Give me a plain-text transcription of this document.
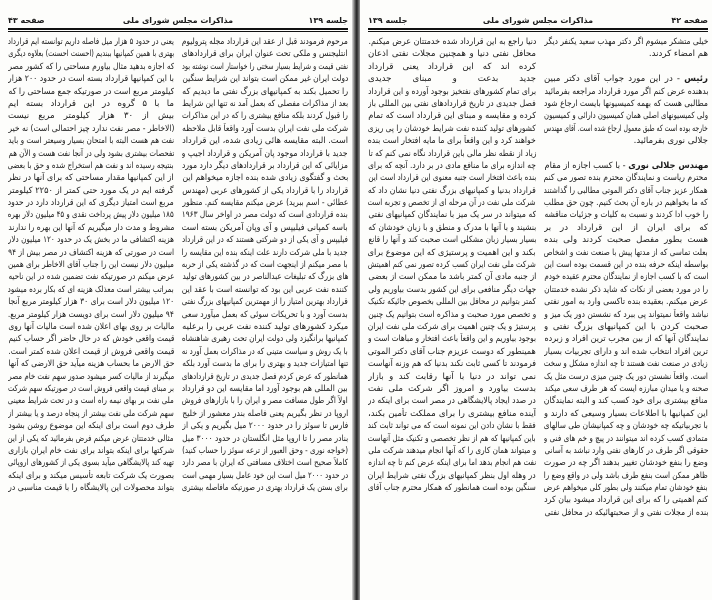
جلسه ۱۳۹
مذاکرات مجلس شورای ملی
صفحه ۴۳
مرحوم فرمودند قبل از عقد این قرارداد مجله پترولیوم
انتلیجنس و ملکی تحت عنوان ایران برای قراردادهای
نفتی قیمت و شرایط بسیار سختی را خواستار است نوشته بود
دولت ایران غیر ممکن است بتواند این شرایط سنگین
را تحمیل بکند به کمپانیهای بزرگ نفتی ما دیدیم که
بعد از مذاکرات مفصلی که بعمل آمد نه تنها این شرایط
را قبول کردند بلکه منافع بیشتری را که در این مذاکرات
شرکت ملی نفت ایران بدست آورد واقعاً قابل ملاحظه
است. البته مقایسه هائی زیادی شده، این قرارداد
جدید با قرارداد موجود پان آمریکن و قرارداد اجیپ و
مزایائی که این قرارداد بر قراردادهای دیگر دارد مورد
بحث و گفتگوی زیادی شده بنده اجازه میخواهم این
قرارداد را با قرارداد یکی از کشورهای عربی (مهندس
عطائی - اسم ببرید) عرض میکنم مقایسه کنم. منظور
بنده قراردادی است که دولت مصر در اواخر سال ۱۹۶۳
باسه کمپانی فیلیپس و آی وپان آمریکن بسته است
فیلیپس و آی یکی از دو شرکتی هستند که در این قرارداد
جدید با ملی شرکت دارند علت اینکه بنده این مقایسه را
با مصر میکنم از اینجهت است که در گذشته یکی از حربه
های بزرگ که تبلیغات عبدالناصر در بین کشورهای تولید
کننده نفت عربی این بود که توانسته است با عقد این
قرارداد بهترین امتیاز را از مهمترین کمپانیهای بزرگ نفتی
بدست آورد و با تحریکات سوئی که بعمل میآورد سعی
میکرد کشورهای تولید کننده نفت عربی را برعلیه
کمپانیها برانگیزد ولی دولت ایران تحت رهبری شاهنشاه
با یک روش و سیاست متینی که در مذاکرات بعمل آورد نه
تنها امتیازات جدید و بهتری را برای ما بدست آورد بلکه
همانطور که عرض کردم فصل جدیدی در تاریخ قراردادهای
بین المللی هم بوجود آورد اما مقایسه این دو قرارداد
اولاً اگر طول مسافت مصر و ایران را با بازارهای فروش
اروپا در نظر بگیریم یعنی فاصله بندر معشور از خلیج
فارس تا سوئز را در حدود ۲۰۰۰ میل بگیریم و یکی از
بنادر مصر را تا اروپا مثل انگلستان در حدود ۳۰۰۰ میل
(خواجه نوری - وحق العبور از ترعه سوئز را حساب کنید)
کاملاً صحیح است اختلاف مسافتی که ایران با مصر دارد
در حدود ۲۰۰۰ میل است این خود عامل بسیار مهمی است
برای بستن یک قرارداد بهتری در صورتیکه مافاصله بیشتری
یعنی در حدود ۵ هزار میل فاصله داریم توانسته ایم قرارداد
بهتری با همین کمپانیها ببندیم (احسنت احسنت) بعلاوه دیگری
که اجازه بدهید مثال بیاورم مساحتی را که کشور مصر
با این کمپانیها قرارداد بسته است در حدود ۲۰۰ هزار
کیلومتر مربع است در صورتیکه جمع مساحتی را که
ما با ۵ گروه در این قرارداد بسته ایم
بیش از ۳۰ هزار کیلومتر مربع نیست
(الاخاطر - مصر نفت ندارد چیز احتمالی است) نه خیر
نفت هم هست البته با امتحان بسیار وسیعتر است و باید
تفحصات بیشتری بشود ولی در آنجا نفت هست و الآن هم
بنتیجه رسیده اند و نفت هم استخراج شده و حق با بعضی
از این کمپانیها مقدار مساحتی که برای آنها در نظر
گرفته ایم در یک مورد حتی کمتر از ۲۲۵۰ کیلومتر
مربع است امتیاز دیگری که این قرارداد دارد در حدود
۱۸۵ میلیون دلار پیش پرداخت نقدی و ۴۵ میلیون دلار بهره
مشروط و مدت دار میگیریم که آنها این بهره را ندارند
هزینه اکتشافی ما در بخش یک در حدود ۱۲۰ میلیون دلار
است در صورتی که هزینه اکتشاف در مصر بیش از ۹۴
میلیون دلار نیست این را جناب آقای الاخاطر برای همین
عرض میکنم در صورتیکه نفت تضمین شده در این ناحیه
بمراتب بیشتر است معذلک هزینه ای که بکار برده میشود
۱۲۰ میلیون دلار است برای ۳۰ هزار کیلومتر مربع آنجا
۹۴ میلیون دلار است برای دویست هزار کیلومتر مربع.
مالیات بر روی بهای اعلان شده است مالیات آنها روی
قیمت واقعی خودش که در حال حاضر اگر حساب کنیم
قیمت واقعی فروش از قیمت اعلان شده کمتر است.
حق الارض ما بحساب هزینه میآید حق الارضی که آنها
میگیرند از مالیات کسر میشود صدور سهم نفت خام مصر
بر مبنای قیمت واقعی فروش است در صورتیکه سهم شرکت
ملی نفت بر بهای نیمه راه است و در تحت شرایط معینی
سهم شرکت ملی نفت بیشتر از پنجاه درصد و یا بیشتر از
طرف دوم است برای اینکه این موضوع روشن بشود
مثالی خدمتتان عرض میکنم فرض بفرمائید که یکی از این
شرکتها برای اینکه بتواند برای نفت خام ایران بازاری
تهیه کند پالایشگاهی میآید بسوی یکی از کشورهای اروپائی
بصورت یک شرکت تابعه تأسیس میکند و برای اینکه
بتواند محصولات این پالایشگاه را با قیمت مناسبی در
صفحه ۴۲
مذاکرات مجلس شورای ملی
جلسه ۱۳۹
خیلی متشکر میشوم اگر دکتر مهذب سعید یکنفر دیگر
هم امضاء کردند.
رئیس - در این مورد جواب آقای دکتر مبین
بدهنده عرض کنم اگر مورد قرارداد مراجعه بفرمائید
مطالبی هست که بهمه کمیسیونها بایست ارجاع شود
ولی کمیسیونهای اصلی همان کمیسیون دارائی و کمیسیون
خارجه بوده است که طبق معمول ارجاع شده است. آقای مهندس
جلالی نوری بفرمائید.
مهندس جلالی نوری - با کسب اجازه از مقام
محترم ریاست و نمایندگان محترم بنده تصور می کنم
همکار عزیز جناب آقای دکتر الموتی مطالبی را گذاشتند
که ما بخواهیم در باره آن بحث کنیم. چون حق مطلب
را خوب ادا کردند و نسبت به کلیات و جزئیات مناقشه
که برای ایران از این قرارداد در بر
هست بطور مفصل صحبت کردند ولی بنده
بعلت تماسی که از مدتها پیش با صنعت نفت و اشخاص
بواسطه اینکه حرفه بنده در این قسمت بوده است این
است که با کسب اجازه از نمایندگان محترم عقیده خودم
را در مورد بعضی از نکات که شاید ذکر نشده خدمتتان
عرض میکنم. بعقیده بنده تاکسی وارد به امور نفتی
نباشد واقعاً نمیتواند پی ببرد که نشستن دور یک میز و
صحبت کردن با این کمپانیهای بزرگ نفتی و
نمایندگان آنها که از بین مجرب ترین افراد و زبرده
ترین افراد انتخاب شده اند و دارای تجربیات بسیار
زیادی در صنعت نفت هستند تا چه اندازه مشکل و سخت
است. واقعاً نشستن دور یک چنین میزی درست مثل یک
صحنه و یا میدان مبارزه ایست که هر طرف سعی میکند
منافع بیشتری برای خود کسب کند و البته نمایندگان
این کمپانیها با اطلاعات بسیار وسیعی که دارند و
با تجربیاتیکه چه خودشان و چه کمپانیشان طی سالهای
متمادی کسب کرده اند میتوانند در پیچ و خم های فنی و
حقوقی اگر طرف در کارهای نفتی وارد نباشد به آسانی
وضع را بنفع خودشان تغییر بدهند اگر چه در صورت
ظاهر ممکن است بنفع طرف باشد ولی در واقع وضع را
بنفع خودشان تمام میکنند ولی بطور کلی میخواهم عرض
کنم اهمیتی را که برای این قرارداد میشود بیان کرد
بنده از مجلات نفتی و از صحبتهائیکه در محافل نفتی
دنیا راجع به این قرارداد شده خدمتتان عرض میکنم.
محافل نفتی دنیا و همچنین مجلات نفتی اذعان
کرده اند که این قرارداد یعنی قرارداد
جدید بدعت و مبنای جدیدی
برای تمام کشورهای نفتخیز بوجود آورده و این قرارداد
فصل جدیدی در تاریخ قراردادهای نفتی بین المللی باز
کرده و مقایسه و مبنای این قرارداد است که تمام
کشورهای تولید کننده نفت شرایط خودشان را پی ریزی
خواهند کرد و این واقعاً برای ما مایه افتخار است بنده
زیاد از نقطه نظر مالی باین قرارداد نگاه نمی کنم که تا
چه اندازه برای ما منافع مادی در بر دارد. آنچه که برای
بنده باعث افتخار است جنبه معنوی این قرارداد است این
قرارداد بدنیا و کمپانیهای بزرگ نفتی دنیا نشان داد که
شرکت ملی نفت در آن مرحله ای از تخصص و تجربه است
که میتواند در سر یک میز با نمایندگان کمپانیهای نفتی
بنشیند و با آنها با مدرک و منطق و با زبان خودشان که
بسیار بسیار زبان مشکلی است صحبت کند و آنها را قانع
بکند و این اهمیت و پرستیژی که این موضوع برای
شرکت ملی نفت ایران کسب کرده تصور نمی کنم اهمیتش
از جنبه مادی آن کمتر باشد ما ممکن است از بعضی
جهات دیگر منافعی برای این کشور بدست بیاوریم ولی
کمتر بتوانیم در محافل بین المللی بخصوص جائیکه تکنیک
و تخصص مورد صحبت و مذاکره است بتوانیم یک چنین
پرستیژ و یک چنین اهمیت برای شرکت ملی نفت ایران
بوجود بیاوریم و این واقعاً باعث افتخار و مباهات است و
همینطور که دوست عزیزم جناب آقای دکتر الموتی
فرمودند تا کسی ثابت نکند بدنیا که هم وزنه آنهاست
نمی تواند در دنیا با آنها رقابت کند و بازار
بدست بیاورد و امروز اگر شرکت ملی نفت
در صدد ایجاد پالایشگاهی در مصر است برای اینکه در
آینده منافع بیشتری را برای مملکت تأمین بکند،
فقط با نشان دادن این نمونه است که می تواند ثابت کند
باین کمپانیها که هم از نظر تخصصی و تکنیک مثل آنهاست
و میتواند همان کاری را که آنها انجام میدهند شرکت ملی
نفت هم انجام بدهد اما برای اینکه عرض کنم تا چه اندازه
در وهله اول بنظر کمپانیهای بزرگ نفتی شرایط ایران
سنگین بوده است همانطور که همکار محترم جناب آقای
